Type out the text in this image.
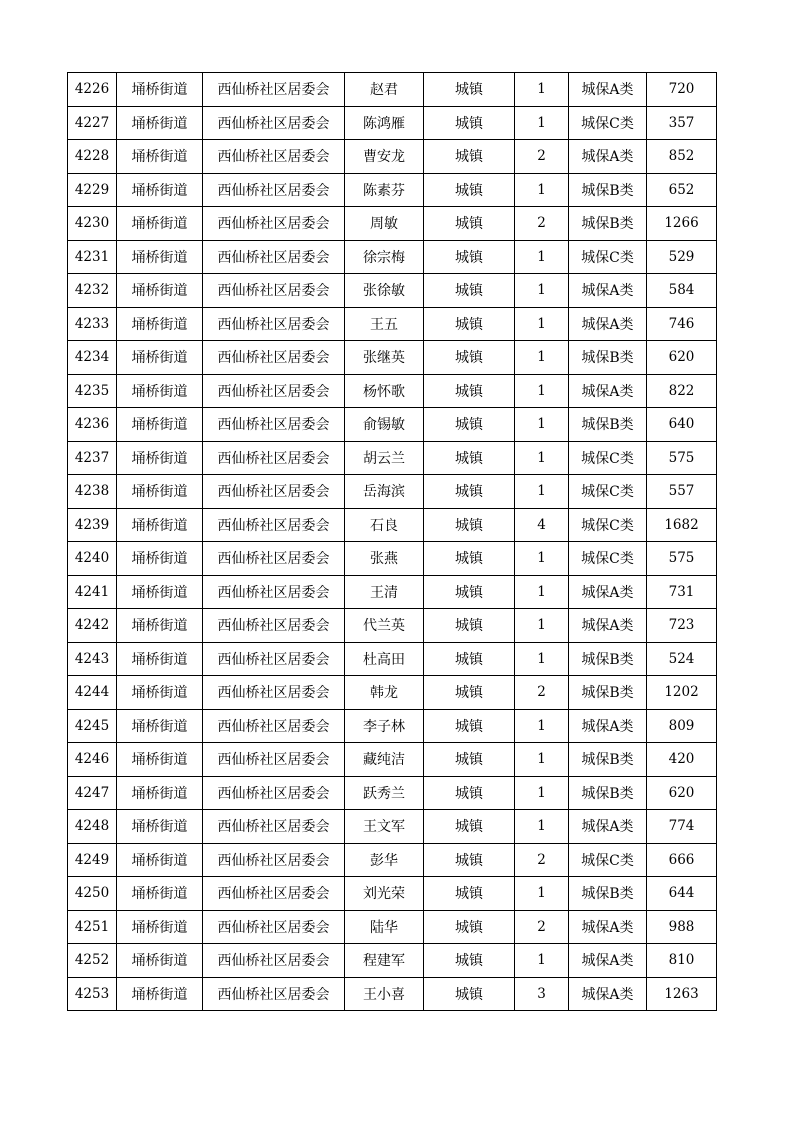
4226	埇桥街道	西仙桥社区居委会	赵君	城镇	1	城保A类	720
4227	埇桥街道	西仙桥社区居委会	陈鸿雁	城镇	1	城保C类	357
4228	埇桥街道	西仙桥社区居委会	曹安龙	城镇	2	城保A类	852
4229	埇桥街道	西仙桥社区居委会	陈素芬	城镇	1	城保B类	652
4230	埇桥街道	西仙桥社区居委会	周敏	城镇	2	城保B类	1266
4231	埇桥街道	西仙桥社区居委会	徐宗梅	城镇	1	城保C类	529
4232	埇桥街道	西仙桥社区居委会	张徐敏	城镇	1	城保A类	584
4233	埇桥街道	西仙桥社区居委会	王五	城镇	1	城保A类	746
4234	埇桥街道	西仙桥社区居委会	张继英	城镇	1	城保B类	620
4235	埇桥街道	西仙桥社区居委会	杨怀歌	城镇	1	城保A类	822
4236	埇桥街道	西仙桥社区居委会	俞锡敏	城镇	1	城保B类	640
4237	埇桥街道	西仙桥社区居委会	胡云兰	城镇	1	城保C类	575
4238	埇桥街道	西仙桥社区居委会	岳海滨	城镇	1	城保C类	557
4239	埇桥街道	西仙桥社区居委会	石良	城镇	4	城保C类	1682
4240	埇桥街道	西仙桥社区居委会	张燕	城镇	1	城保C类	575
4241	埇桥街道	西仙桥社区居委会	王清	城镇	1	城保A类	731
4242	埇桥街道	西仙桥社区居委会	代兰英	城镇	1	城保A类	723
4243	埇桥街道	西仙桥社区居委会	杜高田	城镇	1	城保B类	524
4244	埇桥街道	西仙桥社区居委会	韩龙	城镇	2	城保B类	1202
4245	埇桥街道	西仙桥社区居委会	李子林	城镇	1	城保A类	809
4246	埇桥街道	西仙桥社区居委会	藏纯洁	城镇	1	城保B类	420
4247	埇桥街道	西仙桥社区居委会	跃秀兰	城镇	1	城保B类	620
4248	埇桥街道	西仙桥社区居委会	王文军	城镇	1	城保A类	774
4249	埇桥街道	西仙桥社区居委会	彭华	城镇	2	城保C类	666
4250	埇桥街道	西仙桥社区居委会	刘光荣	城镇	1	城保B类	644
4251	埇桥街道	西仙桥社区居委会	陆华	城镇	2	城保A类	988
4252	埇桥街道	西仙桥社区居委会	程建军	城镇	1	城保A类	810
4253	埇桥街道	西仙桥社区居委会	王小喜	城镇	3	城保A类	1263
